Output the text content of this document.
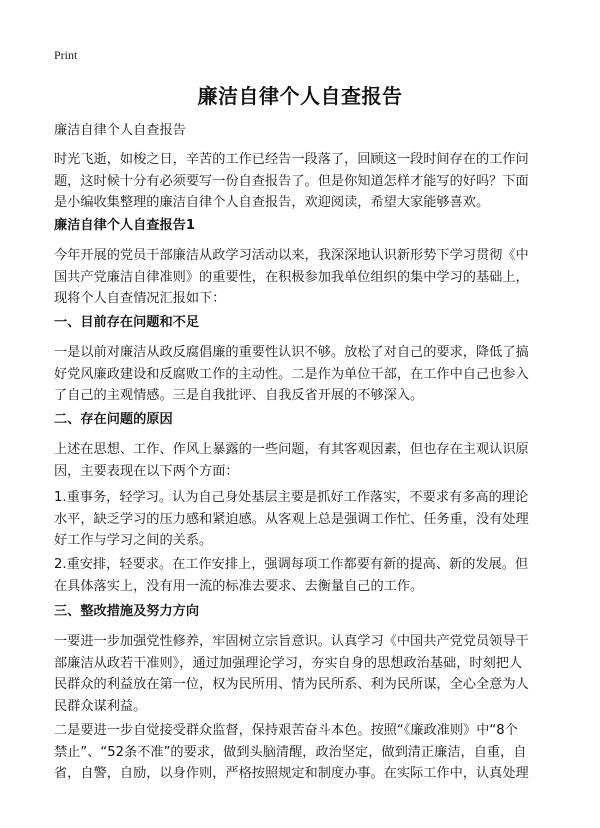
Print
廉洁自律个人自查报告
廉洁自律个人自查报告
时光飞逝，如梭之日，辛苦的工作已经告一段落了，回顾这一段时间存在的工作问
题，这时候十分有必须要写一份自查报告了。但是你知道怎样才能写的好吗？下面
是小编收集整理的廉洁自律个人自查报告，欢迎阅读，希望大家能够喜欢。
廉洁自律个人自查报告1
今年开展的党员干部廉洁从政学习活动以来，我深深地认识新形势下学习贯彻《中
国共产党廉洁自律准则》的重要性，在积极参加我单位组织的集中学习的基础上，
现将个人自查情况汇报如下：
一、目前存在问题和不足
一是以前对廉洁从政反腐倡廉的重要性认识不够。放松了对自己的要求，降低了搞
好党风廉政建设和反腐败工作的主动性。二是作为单位干部，在工作中自己也参入
了自己的主观情感。三是自我批评、自我反省开展的不够深入。
二、存在问题的原因
上述在思想、工作、作风上暴露的一些问题，有其客观因素，但也存在主观认识原
因，主要表现在以下两个方面：
1.重事务，轻学习。认为自己身处基层主要是抓好工作落实，不要求有多高的理论
水平，缺乏学习的压力感和紧迫感。从客观上总是强调工作忙、任务重，没有处理
好工作与学习之间的关系。
2.重安排，轻要求。在工作安排上，强调每项工作都要有新的提高、新的发展。但
在具体落实上，没有用一流的标准去要求、去衡量自己的工作。
三、整改措施及努力方向
一要进一步加强党性修养，牢固树立宗旨意识。认真学习《中国共产党党员领导干
部廉洁从政若干准则》，通过加强理论学习，夯实自身的思想政治基础，时刻把人
民群众的利益放在第一位，权为民所用、情为民所系、利为民所谋，全心全意为人
民群众谋利益。
二是要进一步自觉接受群众监督，保持艰苦奋斗本色。按照“《廉政准则》中“8个
禁止”、“52条不准”的要求，做到头脑清醒，政治坚定，做到清正廉洁，自重，自
省，自警，自励，以身作则，严格按照规定和制度办事。在实际工作中，认真处理
